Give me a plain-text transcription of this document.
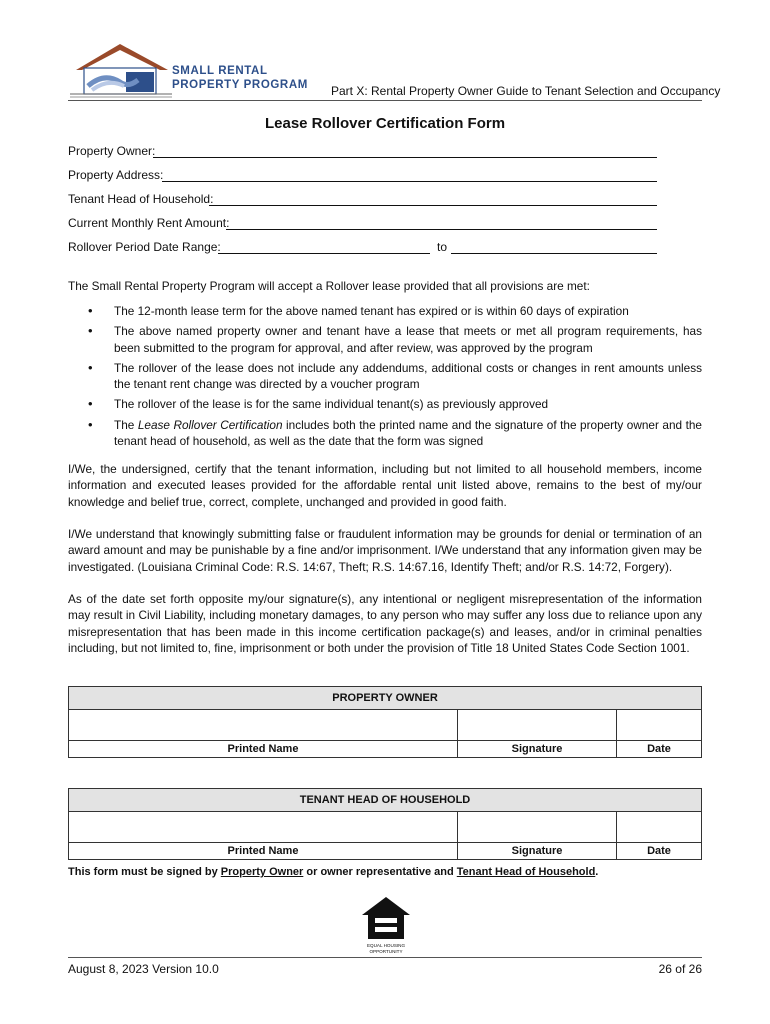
SMALL RENTAL
PROPERTY PROGRAM Part X: Rental Property Owner Guide to Tenant Selection and Occupancy
Lease Rollover Certification Form
Property Owner:
Property Address:
Tenant Head of Household:
Current Monthly Rent Amount:
Rollover Period Date Range:	to
The Small Rental Property Program will accept a Rollover lease provided that all provisions are met:
• The 12-month lease term for the above named tenant has expired or is within 60 days of expiration
• The above named property owner and tenant have a lease that meets or met all program requirements, has been submitted to the program for approval, and after review, was approved by the program
• The rollover of the lease does not include any addendums, additional costs or changes in rent amounts unless the tenant rent change was directed by a voucher program
• The rollover of the lease is for the same individual tenant(s) as previously approved
• The Lease Rollover Certification includes both the printed name and the signature of the property owner and the tenant head of household, as well as the date that the form was signed
I/We, the undersigned, certify that the tenant information, including but not limited to all household members, income information and executed leases provided for the affordable rental unit listed above, remains to the best of my/our knowledge and belief true, correct, complete, unchanged and provided in good faith.
I/We understand that knowingly submitting false or fraudulent information may be grounds for denial or termination of an award amount and may be punishable by a fine and/or imprisonment. I/We understand that any information given may be investigated. (Louisiana Criminal Code: R.S. 14:67, Theft; R.S. 14:67.16, Identify Theft; and/or R.S. 14:72, Forgery).
As of the date set forth opposite my/our signature(s), any intentional or negligent misrepresentation of the information may result in Civil Liability, including monetary damages, to any person who may suffer any loss due to reliance upon any misrepresentation that has been made in this income certification package(s) and leases, and/or in criminal penalties including, but not limited to, fine, imprisonment or both under the provision of Title 18 United States Code Section 1001.
PROPERTY OWNER		

Printed Name	Signature	Date
TENANT HEAD OF HOUSEHOLD		

Printed Name	Signature	Date
This form must be signed by Property Owner or owner representative and Tenant Head of Household.
EQUAL HOUSING
OPPORTUNITY
August 8, 2023 Version 10.0	26 of 26
